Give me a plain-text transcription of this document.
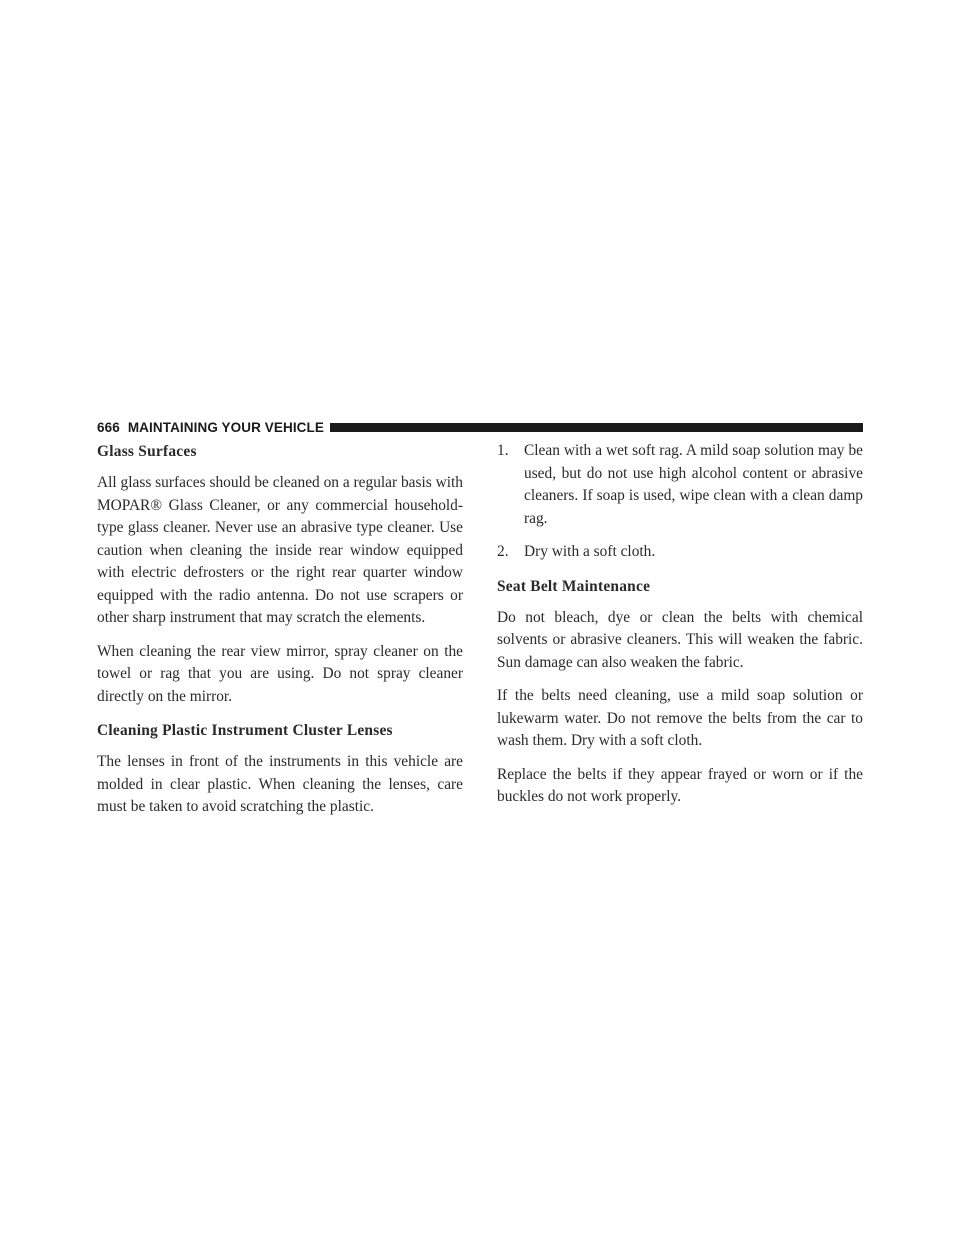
666 MAINTAINING YOUR VEHICLE
Glass Surfaces

All glass surfaces should be cleaned on a regular basis with MOPAR® Glass Cleaner, or any commercial household-type glass cleaner. Never use an abrasive type cleaner. Use caution when cleaning the inside rear window equipped with electric defrosters or the right rear quarter window equipped with the radio antenna. Do not use scrapers or other sharp instrument that may scratch the elements.

When cleaning the rear view mirror, spray cleaner on the towel or rag that you are using. Do not spray cleaner directly on the mirror.

Cleaning Plastic Instrument Cluster Lenses

The lenses in front of the instruments in this vehicle are molded in clear plastic. When cleaning the lenses, care must be taken to avoid scratching the plastic.

1. Clean with a wet soft rag. A mild soap solution may be used, but do not use high alcohol content or abrasive cleaners. If soap is used, wipe clean with a clean damp rag.
2. Dry with a soft cloth.
Seat Belt Maintenance

Do not bleach, dye or clean the belts with chemical solvents or abrasive cleaners. This will weaken the fabric. Sun damage can also weaken the fabric.

If the belts need cleaning, use a mild soap solution or lukewarm water. Do not remove the belts from the car to wash them. Dry with a soft cloth.

Replace the belts if they appear frayed or worn or if the buckles do not work properly.
